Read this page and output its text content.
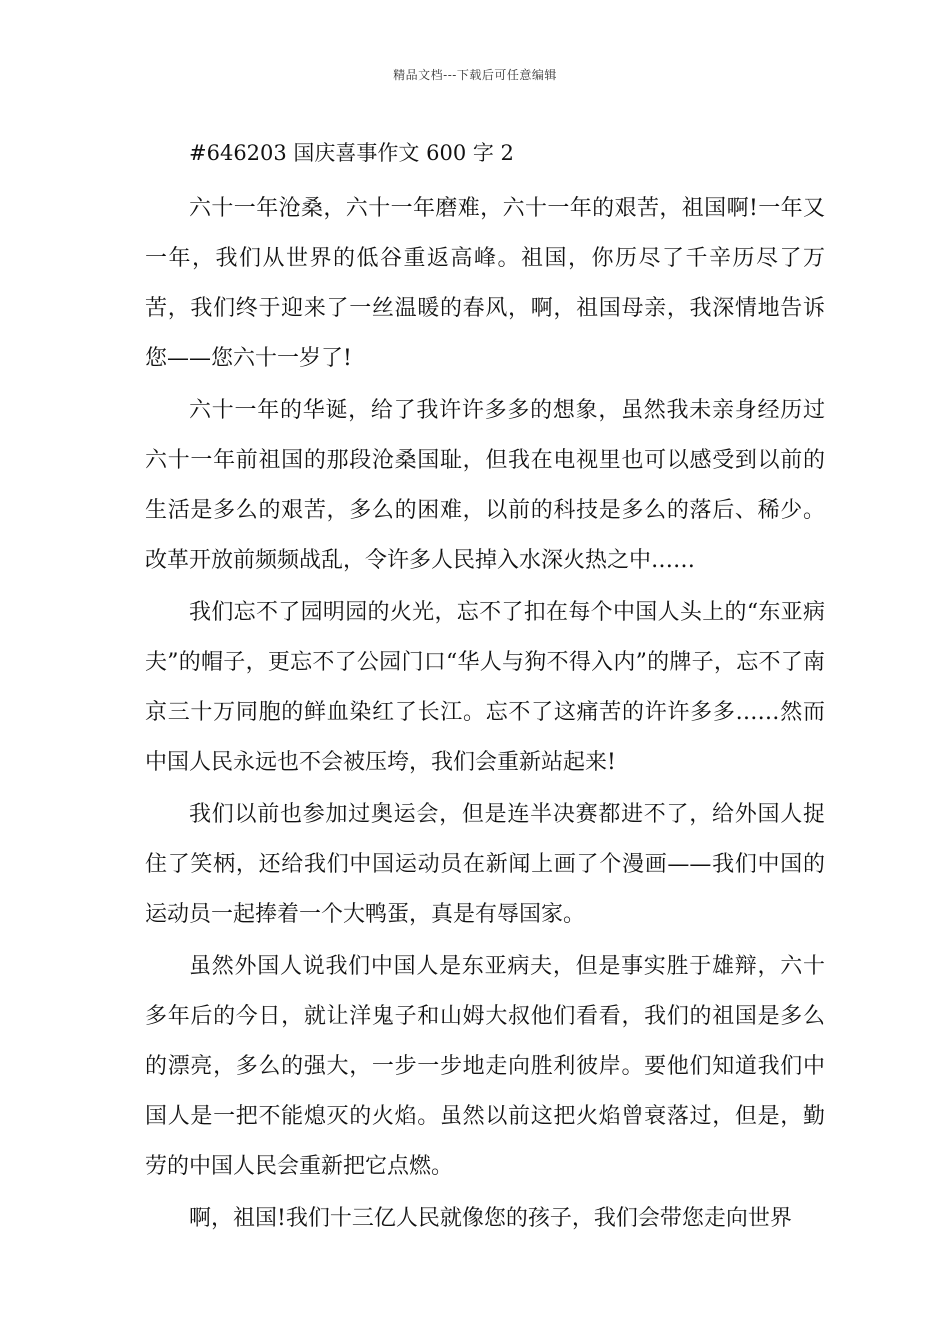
精品文档---下载后可任意编辑
#646203 国庆喜事作文 600 字 2

六十一年沧桑，六十一年磨难，六十一年的艰苦，祖国啊!一年又一年，我们从世界的低谷重返高峰。祖国，你历尽了千辛历尽了万苦，我们终于迎来了一丝温暖的春风，啊，祖国母亲，我深情地告诉您——您六十一岁了!

六十一年的华诞，给了我许许多多的想象，虽然我未亲身经历过六十一年前祖国的那段沧桑国耻，但我在电视里也可以感受到以前的生活是多么的艰苦，多么的困难，以前的科技是多么的落后、稀少。改革开放前频频战乱，令许多人民掉入水深火热之中……

我们忘不了园明园的火光，忘不了扣在每个中国人头上的“东亚病夫”的帽子，更忘不了公园门口“华人与狗不得入内”的牌子，忘不了南京三十万同胞的鲜血染红了长江。忘不了这痛苦的许许多多……然而中国人民永远也不会被压垮，我们会重新站起来!

我们以前也参加过奥运会，但是连半决赛都进不了，给外国人捉住了笑柄，还给我们中国运动员在新闻上画了个漫画——我们中国的运动员一起捧着一个大鸭蛋，真是有辱国家。

虽然外国人说我们中国人是东亚病夫，但是事实胜于雄辩，六十多年后的今日，就让洋鬼子和山姆大叔他们看看，我们的祖国是多么的漂亮，多么的强大，一步一步地走向胜利彼岸。要他们知道我们中国人是一把不能熄灭的火焰。虽然以前这把火焰曾衰落过，但是，勤劳的中国人民会重新把它点燃。

啊，祖国!我们十三亿人民就像您的孩子，我们会带您走向世界
